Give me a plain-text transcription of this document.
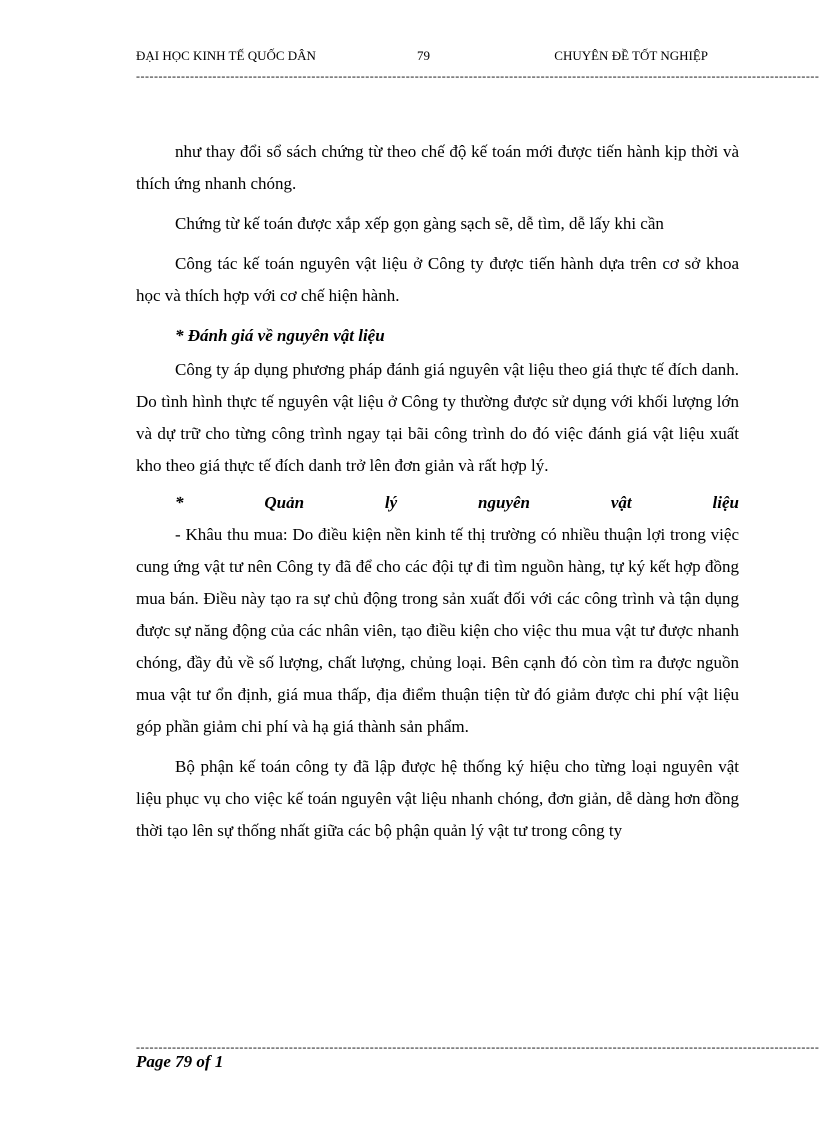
ĐẠI HỌC KINH TẾ QUỐC DÂN	79	CHUYÊN ĐỀ TỐT NGHIỆP
--------------------------------------------------------------------------------------------------------------------------------------------------------

như thay đổi sổ sách chứng từ theo chế độ kế toán mới được tiến hành kịp thời và thích ứng nhanh chóng.

Chứng từ kế toán được xắp xếp gọn gàng sạch sẽ, dễ tìm, dễ lấy khi cần

Công tác kế toán nguyên vật liệu ở Công ty được tiến hành dựa trên cơ sở khoa học và thích hợp với cơ chế hiện hành.

* Đánh giá về nguyên vật liệu

Công ty áp dụng phương pháp đánh giá nguyên vật liệu theo giá thực tế đích danh. Do tình hình thực tế nguyên vật liệu ở Công ty thường được sử dụng với khối lượng lớn và dự trữ cho từng công trình ngay tại bãi công trình do đó việc đánh giá vật liệu xuất kho theo giá thực tế đích danh trở lên đơn giản và rất hợp lý.

*	Quản	lý	nguyên	vật	liệu

- Khâu thu mua: Do điều kiện nền kinh tế thị trường có nhiều thuận lợi trong việc cung ứng vật tư nên Công ty đã để cho các đội tự đi tìm nguồn hàng, tự ký kết hợp đồng mua bán. Điều này tạo ra sự chủ động trong sản xuất đối với các công trình và tận dụng được sự năng động của các nhân viên, tạo điều kiện cho việc thu mua vật tư được nhanh chóng, đầy đủ về số lượng, chất lượng, chủng loại. Bên cạnh đó còn tìm ra được nguồn mua vật tư ổn định, giá mua thấp, địa điểm thuận tiện từ đó giảm được chi phí vật liệu góp phần giảm chi phí và hạ giá thành sản phẩm.

Bộ phận kế toán công ty đã lập được hệ thống ký hiệu cho từng loại nguyên vật liệu phục vụ cho việc kế toán nguyên vật liệu nhanh chóng, đơn giản, dễ dàng hơn đồng thời tạo lên sự thống nhất giữa các bộ phận quản lý vật tư trong công ty

--------------------------------------------------------------------------------------------------------------------------------------------------------
Page 79 of 1
